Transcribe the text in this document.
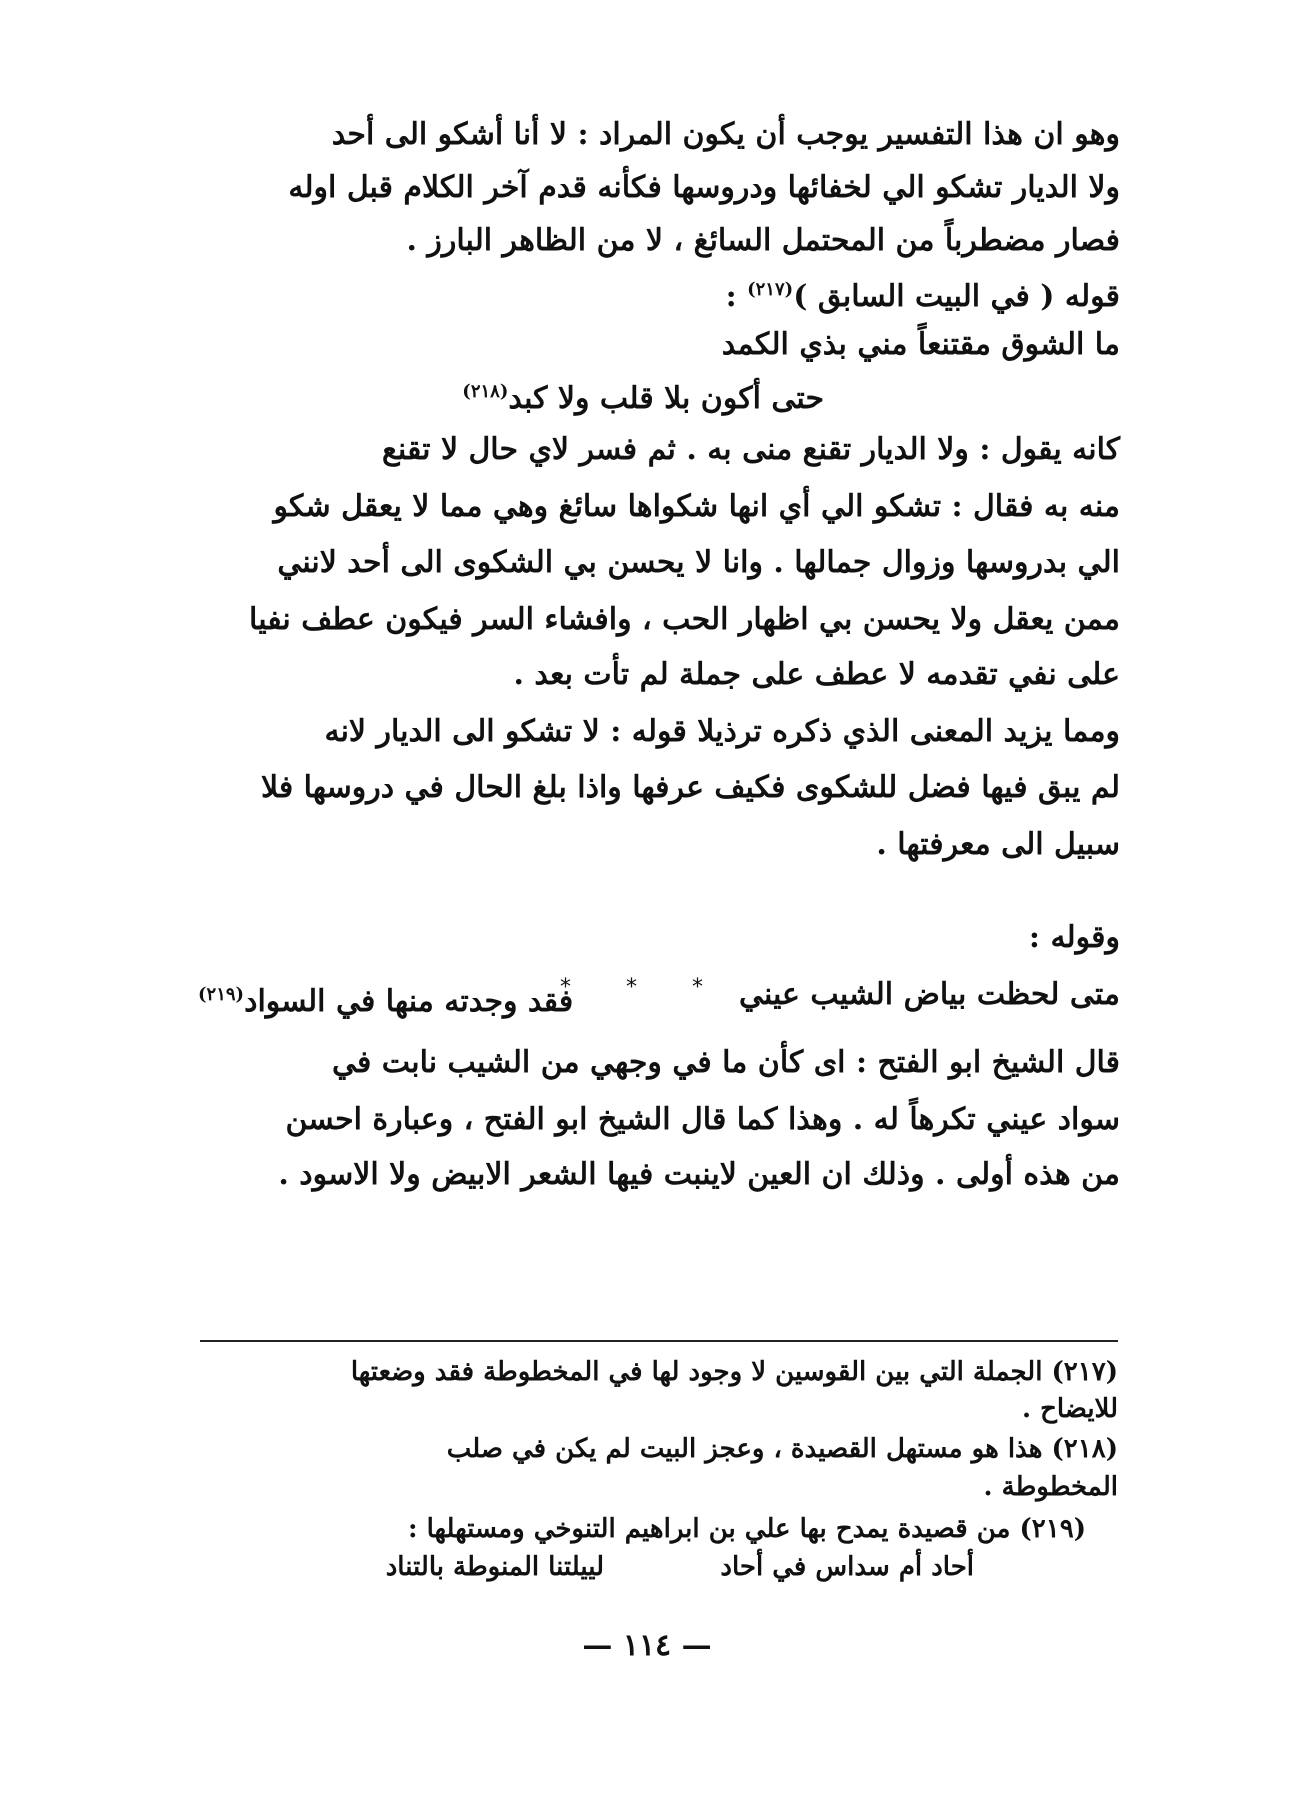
وهو ان هذا التفسير يوجب أن يكون المراد : لا أنا أشكو الى أحد
ولا الديار تشكو الي لخفائها ودروسها فكأنه قدم آخر الكلام قبل اوله
فصار مضطرباً من المحتمل السائغ ، لا من الظاهر البارز .
قوله ( في البيت السابق )$^{(٢١٧)}$ :
ما الشوق مقتنعاً مني بذي الكمد
حتى أكون بلا قلب ولا كبد$^{(٢١٨)}$
كانه يقول : ولا الديار تقنع منى به . ثم فسر لاي حال لا تقنع
منه به فقال : تشكو الي أي انها شكواها سائغ وهي مما لا يعقل شكو
الي بدروسها وزوال جمالها . وانا لا يحسن بي الشكوى الى أحد لانني
ممن يعقل ولا يحسن بي اظهار الحب ، وافشاء السر فيكون عطف نفيا
على نفي تقدمه لا عطف على جملة لم تأت بعد .
ومما يزيد المعنى الذي ذكره ترذيلا قوله : لا تشكو الى الديار لانه
لم يبق فيها فضل للشكوى فكيف عرفها واذا بلغ الحال في دروسها فلا
سبيل الى معرفتها .
* * *
وقوله :
متى لحظت بياض الشيب عيني
فقد وجدته منها في السواد$^{(٢١٩)}$
قال الشيخ ابو الفتح : اى كأن ما في وجهي من الشيب نابت في
سواد عيني تكرهاً له . وهذا كما قال الشيخ ابو الفتح ، وعبارة احسن
من هذه أولى . وذلك ان العين لاينبت فيها الشعر الابيض ولا الاسود .
(٢١٧) الجملة التي بين القوسين لا وجود لها في المخطوطة فقد وضعتها
للايضاح .
(٢١٨) هذا هو مستهل القصيدة ، وعجز البيت لم يكن في صلب
المخطوطة .
(٢١٩) من قصيدة يمدح بها علي بن ابراهيم التنوخي ومستهلها :
أحاد أم سداس في أحاد
لييلتنا المنوطة بالتناد
— ١١٤ —
